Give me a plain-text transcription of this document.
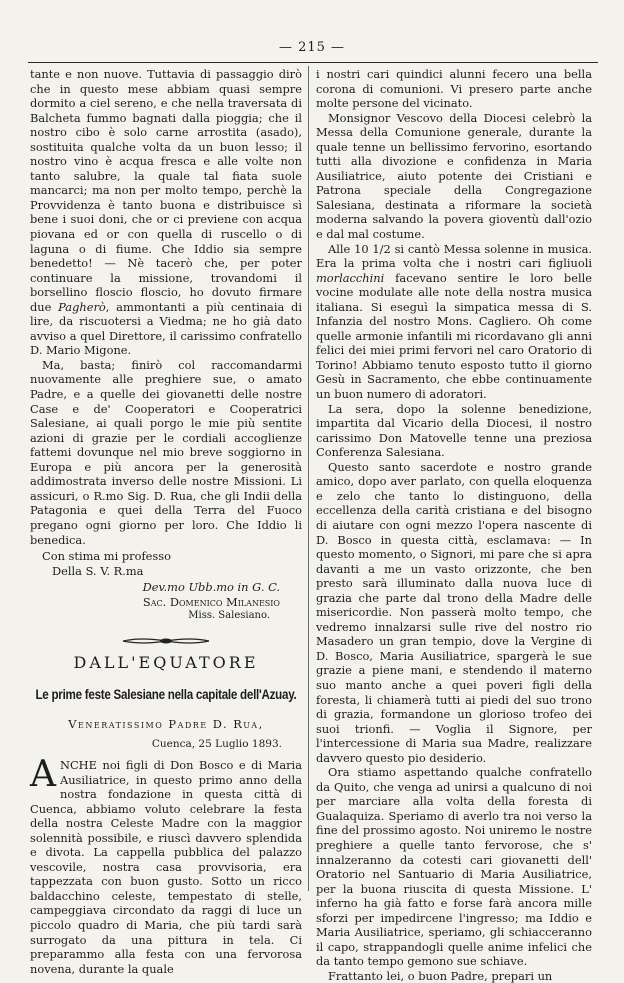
— 215 —

tante e non nuove. Tuttavia di passaggio dirò che in questo mese abbiam quasi sempre dormito a ciel sereno, e che nella traversata di Balcheta fummo bagnati dalla pioggia; che il nostro cibo è solo carne arrostita (asado), sostituita qualche volta da un buon lesso; il nostro vino è acqua fresca e alle volte non tanto salubre, la quale tal fiata suole mancarci; ma non per molto tempo, perchè la Provvidenza è tanto buona e distribuisce sì bene i suoi doni, che or ci previene con acqua piovana ed or con quella di ruscello o di laguna o di fiume. Che Iddio sia sempre benedetto! — Nè tacerò che, per poter continuare la missione, trovandomi il borsellino floscio floscio, ho dovuto firmare due Pagherò, ammontanti a più centinaia di lire, da riscuotersi a Viedma; ne ho già dato avviso a quel Direttore, il carissimo confratello D. Mario Migone.

Ma, basta; finirò col raccomandarmi nuovamente alle preghiere sue, o amato Padre, e a quelle dei giovanetti delle nostre Case e de' Cooperatori e Cooperatrici Salesiane, ai quali porgo le mie più sentite azioni di grazie per le cordiali accoglienze fattemi dovunque nel mio breve soggiorno in Europa e più ancora per la generosità addimostrata inverso delle nostre Missioni. Li assicuri, o R.mo Sig. D. Rua, che gli Indii della Patagonia e quei della Terra del Fuoco pregano ogni giorno per loro. Che Iddio li benedica.

Con stima mi professo

Della S. V. R.ma

Dev.mo Ubb.mo in G. C.

Sac. Domenico Milanesio

Miss. Salesiano.

DALL'EQUATORE
Le prime feste Salesiane nella capitale dell'Azuay.
Veneratissimo Padre D. Rua,
Cuenca, 25 Luglio 1893.

ANCHE noi figli di Don Bosco e di Maria Ausiliatrice, in questo primo anno della nostra fondazione in questa città di Cuenca, abbiamo voluto celebrare la festa della nostra Celeste Madre con la maggior solennità possibile, e riuscì davvero splendida e divota. La cappella pubblica del palazzo vescovile, nostra casa provvisoria, era tappezzata con buon gusto. Sotto un ricco baldacchino celeste, tempestato di stelle, campeggiava circondato da raggi di luce un piccolo quadro di Maria, che più tardi sarà surrogato da una pittura in tela. Ci preparammo alla festa con una fervorosa novena, durante la quale

i nostri cari quindici alunni fecero una bella corona di comunioni. Vi presero parte anche molte persone del vicinato.

Monsignor Vescovo della Diocesi celebrò la Messa della Comunione generale, durante la quale tenne un bellissimo fervorino, esortando tutti alla divozione e confidenza in Maria Ausiliatrice, aiuto potente dei Cristiani e Patrona speciale della Congregazione Salesiana, destinata a riformare la società moderna salvando la povera gioventù dall'ozio e dal mal costume.

Alle 10 1/2 si cantò Messa solenne in musica. Era la prima volta che i nostri cari figliuoli morlacchini facevano sentire le loro belle vocine modulate alle note della nostra musica italiana. Si eseguì la simpatica messa di S. Infanzia del nostro Mons. Cagliero. Oh come quelle armonie infantili mi ricordavano gli anni felici dei miei primi fervori nel caro Oratorio di Torino! Abbiamo tenuto esposto tutto il giorno Gesù in Sacramento, che ebbe continuamente un buon numero di adoratori.

La sera, dopo la solenne benedizione, impartita dal Vicario della Diocesi, il nostro carissimo Don Matovelle tenne una preziosa Conferenza Salesiana.

Questo santo sacerdote e nostro grande amico, dopo aver parlato, con quella eloquenza e zelo che tanto lo distinguono, della eccellenza della carità cristiana e del bisogno di aiutare con ogni mezzo l'opera nascente di D. Bosco in questa città, esclamava: — In questo momento, o Signori, mi pare che si apra davanti a me un vasto orizzonte, che ben presto sarà illuminato dalla nuova luce di grazia che parte dal trono della Madre delle misericordie. Non passerà molto tempo, che vedremo innalzarsi sulle rive del nostro rio Masadero un gran tempio, dove la Vergine di D. Bosco, Maria Ausiliatrice, spargerà le sue grazie a piene mani, e stendendo il materno suo manto anche a quei poveri figli della foresta, li chiamerà tutti ai piedi del suo trono di grazia, formandone un glorioso trofeo dei suoi trionfi. — Voglia il Signore, per l'intercessione di Maria sua Madre, realizzare davvero questo pio desiderio.

Ora stiamo aspettando qualche confratello da Quito, che venga ad unirsi a qualcuno di noi per marciare alla volta della foresta di Gualaquiza. Speriamo di averlo tra noi verso la fine del prossimo agosto. Noi uniremo le nostre preghiere a quelle tanto fervorose, che s' innalzeranno da cotesti cari giovanetti dell' Oratorio nel Santuario di Maria Ausiliatrice, per la buona riuscita di questa Missione. L' inferno ha già fatto e forse farà ancora mille sforzi per impedircene l'ingresso; ma Iddio e Maria Ausiliatrice, speriamo, gli schiacceranno il capo, strappandogli quelle anime infelici che da tanto tempo gemono sue schiave.

Frattanto lei, o buon Padre, prepari un
